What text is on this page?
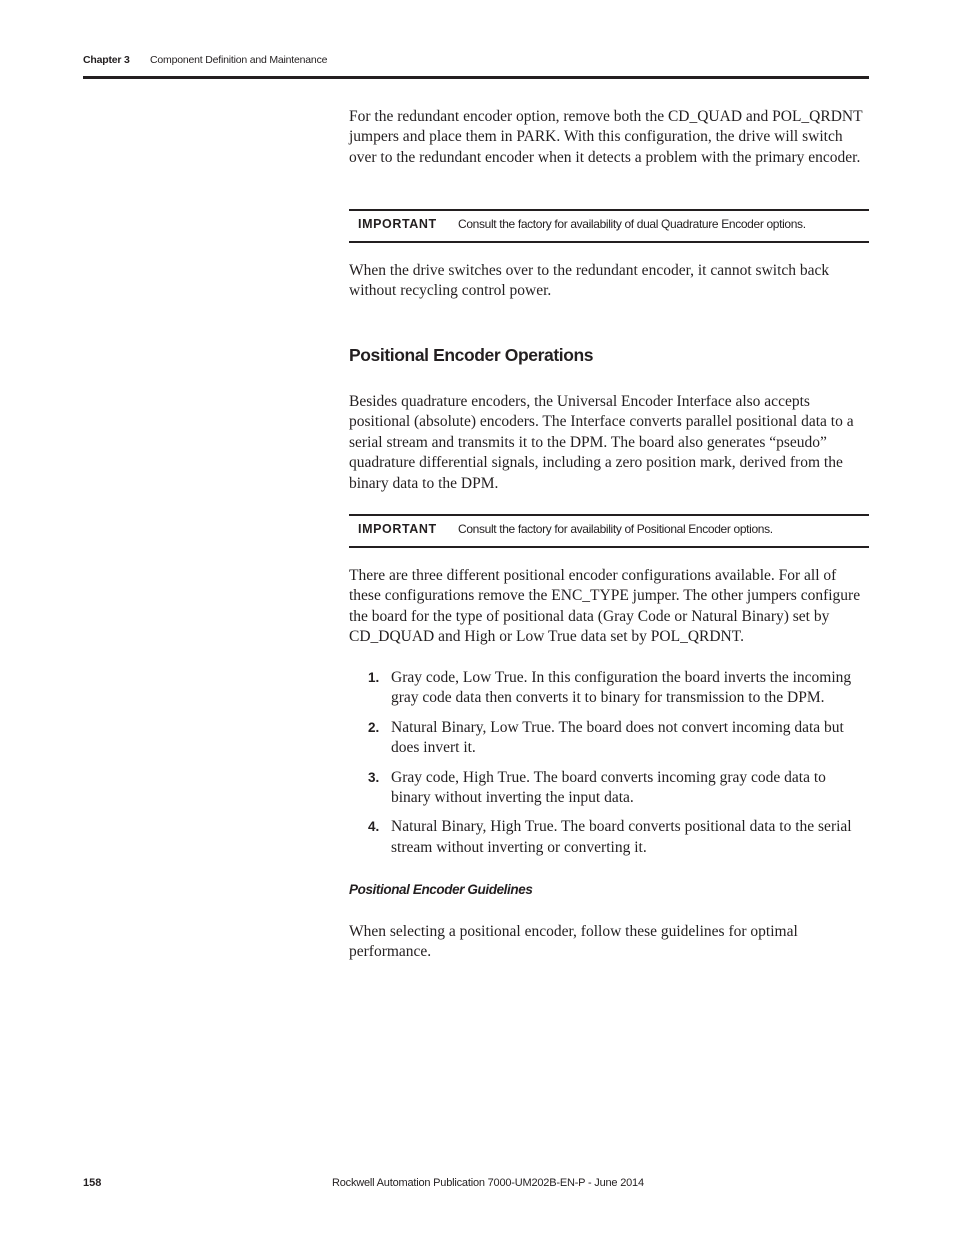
Chapter 3 Component Definition and Maintenance

For the redundant encoder option, remove both the CD_QUAD and POL_QRDNT jumpers and place them in PARK. With this configuration, the drive will switch over to the redundant encoder when it detects a problem with the primary encoder.

IMPORTANT Consult the factory for availability of dual Quadrature Encoder options.

When the drive switches over to the redundant encoder, it cannot switch back without recycling control power.

Positional Encoder Operations

Besides quadrature encoders, the Universal Encoder Interface also accepts positional (absolute) encoders. The Interface converts parallel positional data to a serial stream and transmits it to the DPM. The board also generates “pseudo” quadrature differential signals, including a zero position mark, derived from the binary data to the DPM.

IMPORTANT Consult the factory for availability of Positional Encoder options.

There are three different positional encoder configurations available. For all of these configurations remove the ENC_TYPE jumper. The other jumpers configure the board for the type of positional data (Gray Code or Natural Binary) set by CD_DQUAD and High or Low True data set by POL_QRDNT.

1. Gray code, Low True. In this configuration the board inverts the incoming gray code data then converts it to binary for transmission to the DPM.
2. Natural Binary, Low True. The board does not convert incoming data but does invert it.
3. Gray code, High True. The board converts incoming gray code data to binary without inverting the input data.
4. Natural Binary, High True. The board converts positional data to the serial stream without inverting or converting it.
Positional Encoder Guidelines

When selecting a positional encoder, follow these guidelines for optimal performance.

158	Rockwell Automation Publication 7000-UM202B-EN-P - June 2014
